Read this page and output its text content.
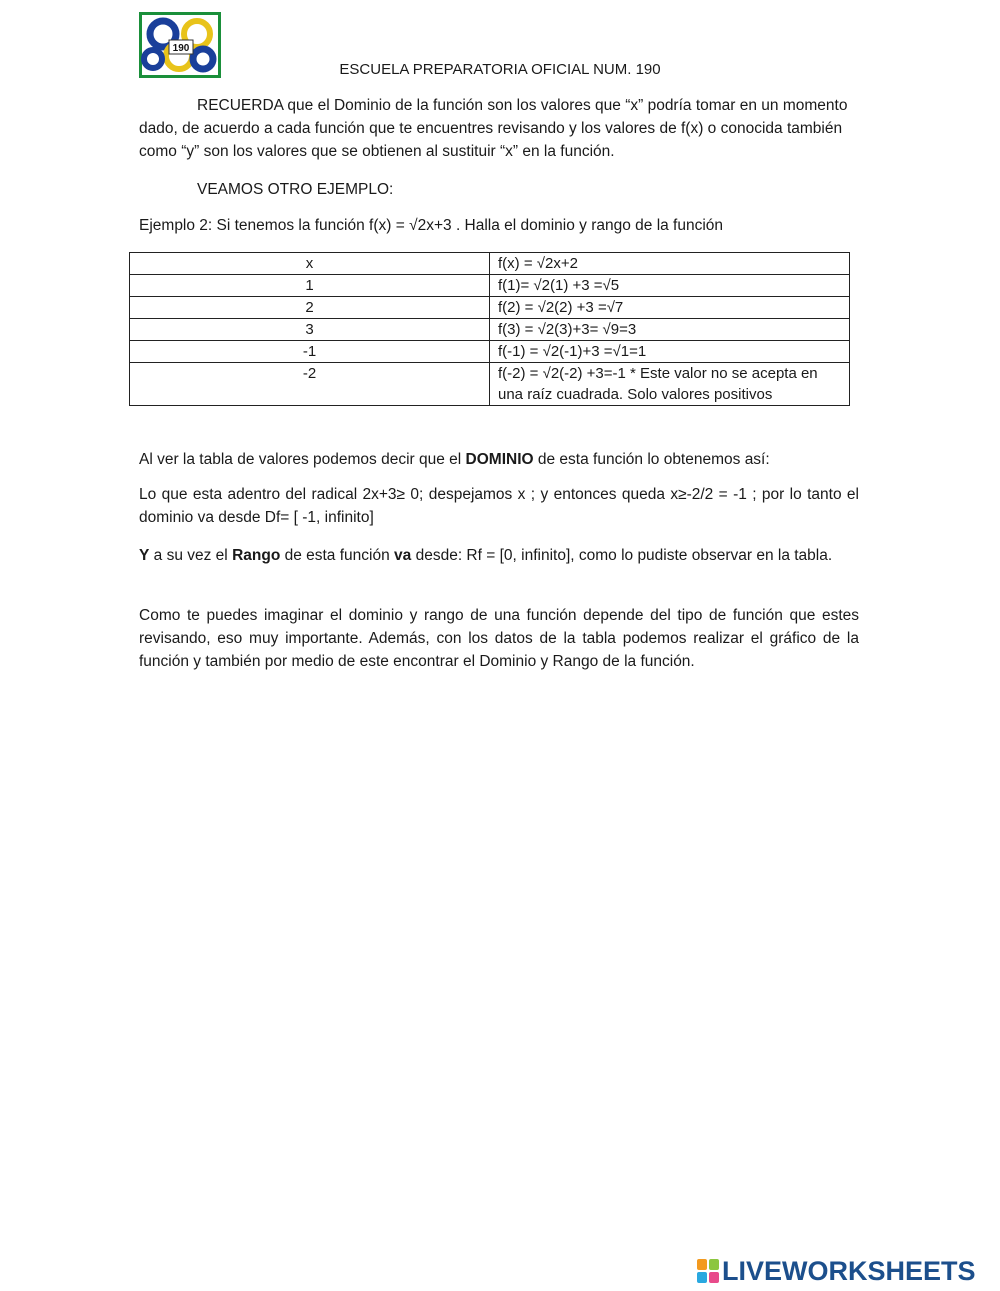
190
ESCUELA PREPARATORIA OFICIAL NUM. 190

RECUERDA que el Dominio de la función son los valores que “x” podría tomar en un momento dado, de acuerdo a cada función que te encuentres revisando y los valores de f(x) o conocida también como “y” son los valores que se obtienen al sustituir “x” en la función.

VEAMOS OTRO EJEMPLO:

Ejemplo 2: Si tenemos la función f(x) = √2x+3 . Halla el dominio y rango de la función

x	f(x) = √2x+2
1	f(1)= √2(1) +3 =√5
2	f(2) = √2(2) +3 =√7
3	f(3) = √2(3)+3= √9=3
-1	f(-1) = √2(-1)+3 =√1=1
-2	f(-2) = √2(-2) +3=-1 * Este valor no se acepta en una raíz cuadrada. Solo valores positivos

Al ver la tabla de valores podemos decir que el DOMINIO de esta función lo obtenemos así:

Lo que esta adentro del radical 2x+3≥ 0; despejamos x ; y entonces queda x≥-2/2 = -1 ; por lo tanto el dominio va desde Df= [ -1, infinito]

Y a su vez el Rango de esta función va desde: Rf = [0, infinito], como lo pudiste observar en la tabla.

Como te puedes imaginar el dominio y rango de una función depende del tipo de función que estes revisando, eso muy importante. Además, con los datos de la tabla podemos realizar el gráfico de la función y también por medio de este encontrar el Dominio y Rango de la función.

LIVEWORKSHEETS
